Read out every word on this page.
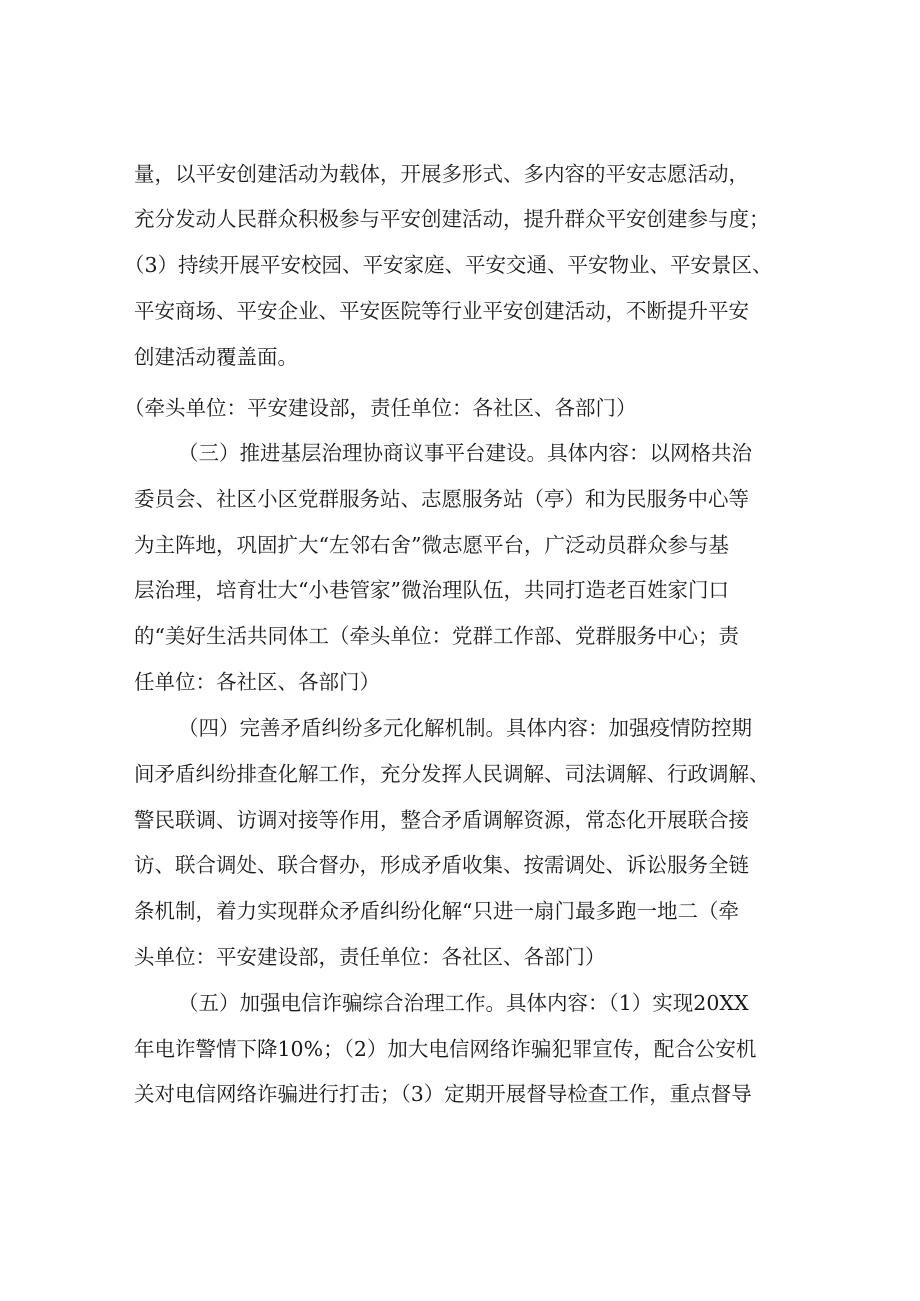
量，以平安创建活动为载体，开展多形式、多内容的平安志愿活动，
充分发动人民群众积极参与平安创建活动，提升群众平安创建参与度；
（3）持续开展平安校园、平安家庭、平安交通、平安物业、平安景区、
平安商场、平安企业、平安医院等行业平安创建活动，不断提升平安
创建活动覆盖面。
（牵头单位：平安建设部，责任单位：各社区、各部门）
（三）推进基层治理协商议事平台建设。具体内容：以网格共治
委员会、社区小区党群服务站、志愿服务站（亭）和为民服务中心等
为主阵地，巩固扩大“左邻右舍”微志愿平台，广泛动员群众参与基
层治理，培育壮大“小巷管家”微治理队伍，共同打造老百姓家门口
的“美好生活共同体工（牵头单位：党群工作部、党群服务中心；责
任单位：各社区、各部门）
（四）完善矛盾纠纷多元化解机制。具体内容：加强疫情防控期
间矛盾纠纷排查化解工作，充分发挥人民调解、司法调解、行政调解、
警民联调、访调对接等作用，整合矛盾调解资源，常态化开展联合接
访、联合调处、联合督办，形成矛盾收集、按需调处、诉讼服务全链
条机制，着力实现群众矛盾纠纷化解“只进一扇门最多跑一地二（牵
头单位：平安建设部，责任单位：各社区、各部门）
（五）加强电信诈骗综合治理工作。具体内容：（1）实现20XX
年电诈警情下降10%；（2）加大电信网络诈骗犯罪宣传，配合公安机
关对电信网络诈骗进行打击；（3）定期开展督导检查工作，重点督导
